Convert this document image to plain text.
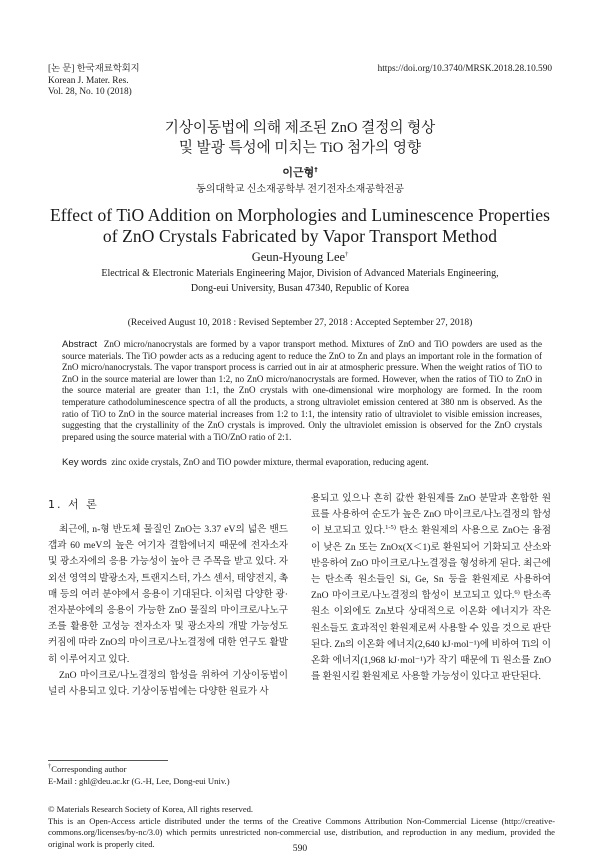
[논 문] 한국재료학회지
Korean J. Mater. Res.
Vol. 28, No. 10 (2018)
https://doi.org/10.3740/MRSK.2018.28.10.590
기상이동법에 의해 제조된 ZnO 결정의 형상
및 발광 특성에 미치는 TiO 첨가의 영향
이근형†
동의대학교 신소재공학부 전기전자소재공학전공
Effect of TiO Addition on Morphologies and Luminescence Properties
of ZnO Crystals Fabricated by Vapor Transport Method
Geun-Hyoung Lee†
Electrical & Electronic Materials Engineering Major, Division of Advanced Materials Engineering,
Dong-eui University, Busan 47340, Republic of Korea
(Received August 10, 2018 : Revised September 27, 2018 : Accepted September 27, 2018)
Abstract ZnO micro/nanocrystals are formed by a vapor transport method. Mixtures of ZnO and TiO powders are used as the source materials. The TiO powder acts as a reducing agent to reduce the ZnO to Zn and plays an important role in the formation of ZnO micro/nanocrystals. The vapor transport process is carried out in air at atmospheric pressure. When the weight ratios of TiO to ZnO in the source material are lower than 1:2, no ZnO micro/nanocrystals are formed. However, when the ratios of TiO to ZnO in the source material are greater than 1:1, the ZnO crystals with one-dimensional wire morphology are formed. In the room temperature cathodoluminescence spectra of all the products, a strong ultraviolet emission centered at 380 nm is observed. As the ratio of TiO to ZnO in the source material increases from 1:2 to 1:1, the intensity ratio of ultraviolet to visible emission increases, suggesting that the crystallinity of the ZnO crystals is improved. Only the ultraviolet emission is observed for the ZnO crystals prepared using the source material with a TiO/ZnO ratio of 2:1.
Key words zinc oxide crystals, ZnO and TiO powder mixture, thermal evaporation, reducing agent.
1. 서 론

최근에, n-형 반도체 물질인 ZnO는 3.37 eV의 넓은 밴드갭과 60 meV의 높은 여기자 결합에너지 때문에 전자소자 및 광소자에의 응용 가능성이 높아 큰 주목을 받고 있다. 자외선 영역의 발광소자, 트랜지스터, 가스 센서, 태양전지, 촉매 등의 여러 분야에서 응용이 기대된다. 이처럼 다양한 광·전자분야에의 응용이 가능한 ZnO 물질의 마이크로/나노구조를 활용한 고성능 전자소자 및 광소자의 개발 가능성도 커짐에 따라 ZnO의 마이크로/나노결정에 대한 연구도 활발히 이루어지고 있다.

ZnO 마이크로/나노결정의 합성을 위하여 기상이동법이 널리 사용되고 있다. 기상이동법에는 다양한 원료가 사

용되고 있으나 흔히 값싼 환원제를 ZnO 분말과 혼합한 원료를 사용하여 순도가 높은 ZnO 마이크로/나노결정의 합성이 보고되고 있다.$^{1-5)}$ 탄소 환원제의 사용으로 ZnO는 융점이 낮은 Zn 또는 ZnOx(X＜1)로 환원되어 기화되고 산소와 반응하여 ZnO 마이크로/나노결정을 형성하게 된다. 최근에는 탄소족 원소들인 Si, Ge, Sn 등을 환원제로 사용하여 ZnO 마이크로/나노결정의 합성이 보고되고 있다.$^{6)}$ 탄소족 원소 이외에도 Zn보다 상대적으로 이온화 에너지가 작은 원소들도 효과적인 환원제로써 사용할 수 있을 것으로 판단된다. Zn의 이온화 에너지(2,640 kJ·mol⁻¹)에 비하여 Ti의 이온화 에너지(1,968 kJ·mol⁻¹)가 작기 때문에 Ti 원소를 ZnO를 환원시킬 환원제로 사용할 가능성이 있다고 판단된다.

†Corresponding author
E-Mail : ghl@deu.ac.kr (G.-H, Lee, Dong-eui Univ.)
© Materials Research Society of Korea, All rights reserved.
This is an Open-Access article distributed under the terms of the Creative Commons Attribution Non-Commercial License (http://creative-commons.org/licenses/by-nc/3.0) which permits unrestricted non-commercial use, distribution, and reproduction in any medium, provided the original work is properly cited.	590
